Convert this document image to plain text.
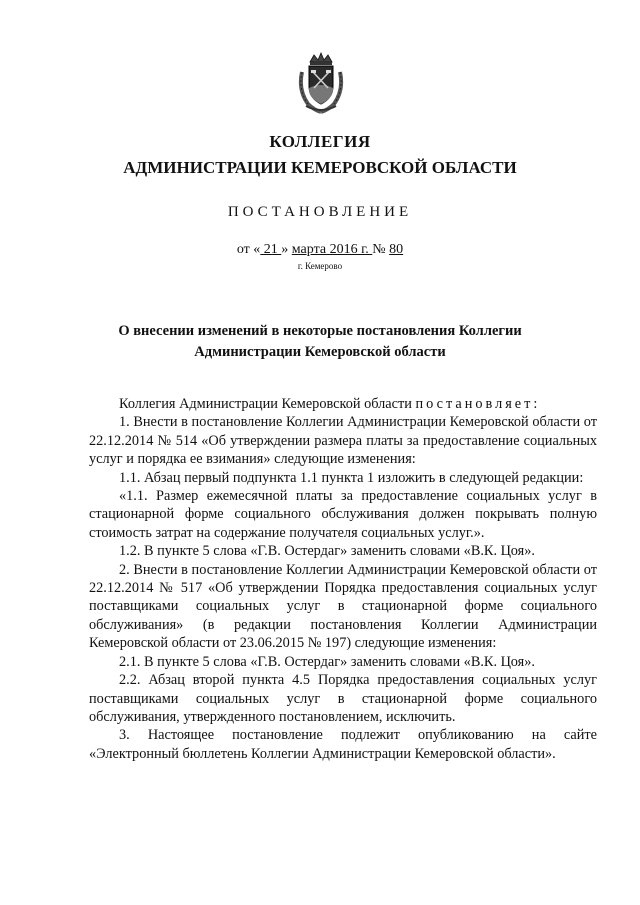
КОЛЛЕГИЯ
АДМИНИСТРАЦИИ КЕМЕРОВСКОЙ ОБЛАСТИ
ПОСТАНОВЛЕНИЕ
от « 21 » марта 2016 г. № 80
г. Кемерово
О внесении изменений в некоторые постановления Коллегии
Администрации Кемеровской области

Коллегия Администрации Кемеровской области постановляет:

1. Внести в постановление Коллегии Администрации Кемеровской области от 22.12.2014 № 514 «Об утверждении размера платы за предоставление социальных услуг и порядка ее взимания» следующие изменения:

1.1. Абзац первый подпункта 1.1 пункта 1 изложить в следующей редакции:

«1.1. Размер ежемесячной платы за предоставление социальных услуг в стационарной форме социального обслуживания должен покрывать полную стоимость затрат на содержание получателя социальных услуг.».

1.2. В пункте 5 слова «Г.В. Остердаг» заменить словами «В.К. Цоя».

2. Внести в постановление Коллегии Администрации Кемеровской области от 22.12.2014 № 517 «Об утверждении Порядка предоставления социальных услуг поставщиками социальных услуг в стационарной форме социального обслуживания» (в редакции постановления Коллегии Администрации Кемеровской области от 23.06.2015 № 197) следующие изменения:

2.1. В пункте 5 слова «Г.В. Остердаг» заменить словами «В.К. Цоя».

2.2. Абзац второй пункта 4.5 Порядка предоставления социальных услуг поставщиками социальных услуг в стационарной форме социального обслуживания, утвержденного постановлением, исключить.

3. Настоящее постановление подлежит опубликованию на сайте «Электронный бюллетень Коллегии Администрации Кемеровской области».
